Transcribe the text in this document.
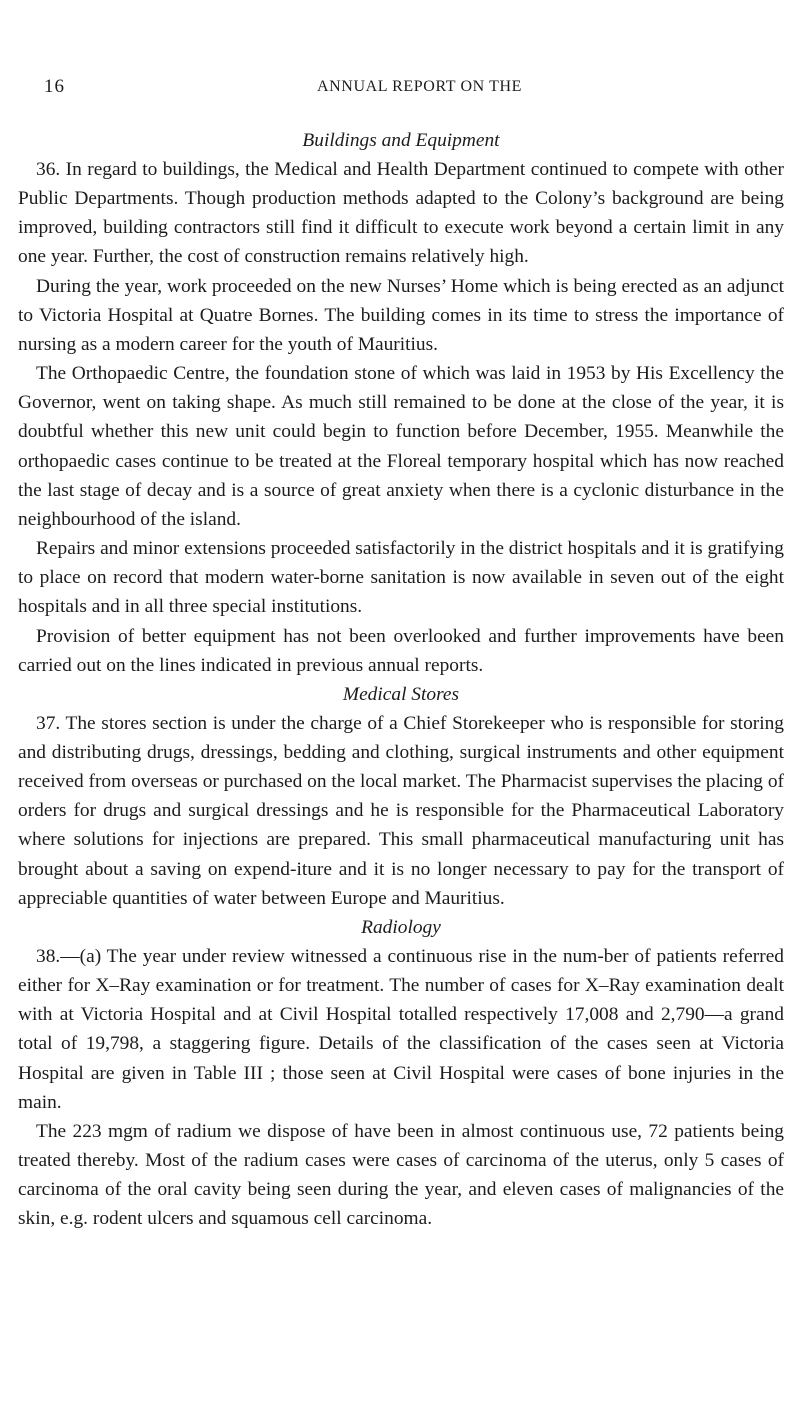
16	ANNUAL REPORT ON THE

Buildings and Equipment

36. In regard to buildings, the Medical and Health Department continued to compete with other Public Departments. Though production methods adapted to the Colony’s background are being improved, building contractors still find it difficult to execute work beyond a certain limit in any one year. Further, the cost of construction remains relatively high.

During the year, work proceeded on the new Nurses’ Home which is being erected as an adjunct to Victoria Hospital at Quatre Bornes. The building comes in its time to stress the importance of nursing as a modern career for the youth of Mauritius.

The Orthopaedic Centre, the foundation stone of which was laid in 1953 by His Excellency the Governor, went on taking shape. As much still remained to be done at the close of the year, it is doubtful whether this new unit could begin to function before December, 1955. Meanwhile the orthopaedic cases continue to be treated at the Floreal temporary hospital which has now reached the last stage of decay and is a source of great anxiety when there is a cyclonic disturbance in the neighbourhood of the island.

Repairs and minor extensions proceeded satisfactorily in the district hospitals and it is gratifying to place on record that modern water-borne sanitation is now available in seven out of the eight hospitals and in all three special institutions.

Provision of better equipment has not been overlooked and further improvements have been carried out on the lines indicated in previous annual reports.

Medical Stores

37. The stores section is under the charge of a Chief Storekeeper who is responsible for storing and distributing drugs, dressings, bedding and clothing, surgical instruments and other equipment received from overseas or purchased on the local market. The Pharmacist supervises the placing of orders for drugs and surgical dressings and he is responsible for the Pharmaceutical Laboratory where solutions for injections are prepared. This small pharmaceutical manufacturing unit has brought about a saving on expend-iture and it is no longer necessary to pay for the transport of appreciable quantities of water between Europe and Mauritius.

Radiology

38.—(a) The year under review witnessed a continuous rise in the num-ber of patients referred either for X–Ray examination or for treatment. The number of cases for X–Ray examination dealt with at Victoria Hospital and at Civil Hospital totalled respectively 17,008 and 2,790—a grand total of 19,798, a staggering figure. Details of the classification of the cases seen at Victoria Hospital are given in Table III ; those seen at Civil Hospital were cases of bone injuries in the main.

The 223 mgm of radium we dispose of have been in almost continuous use, 72 patients being treated thereby. Most of the radium cases were cases of carcinoma of the uterus, only 5 cases of carcinoma of the oral cavity being seen during the year, and eleven cases of malignancies of the skin, e.g. rodent ulcers and squamous cell carcinoma.
